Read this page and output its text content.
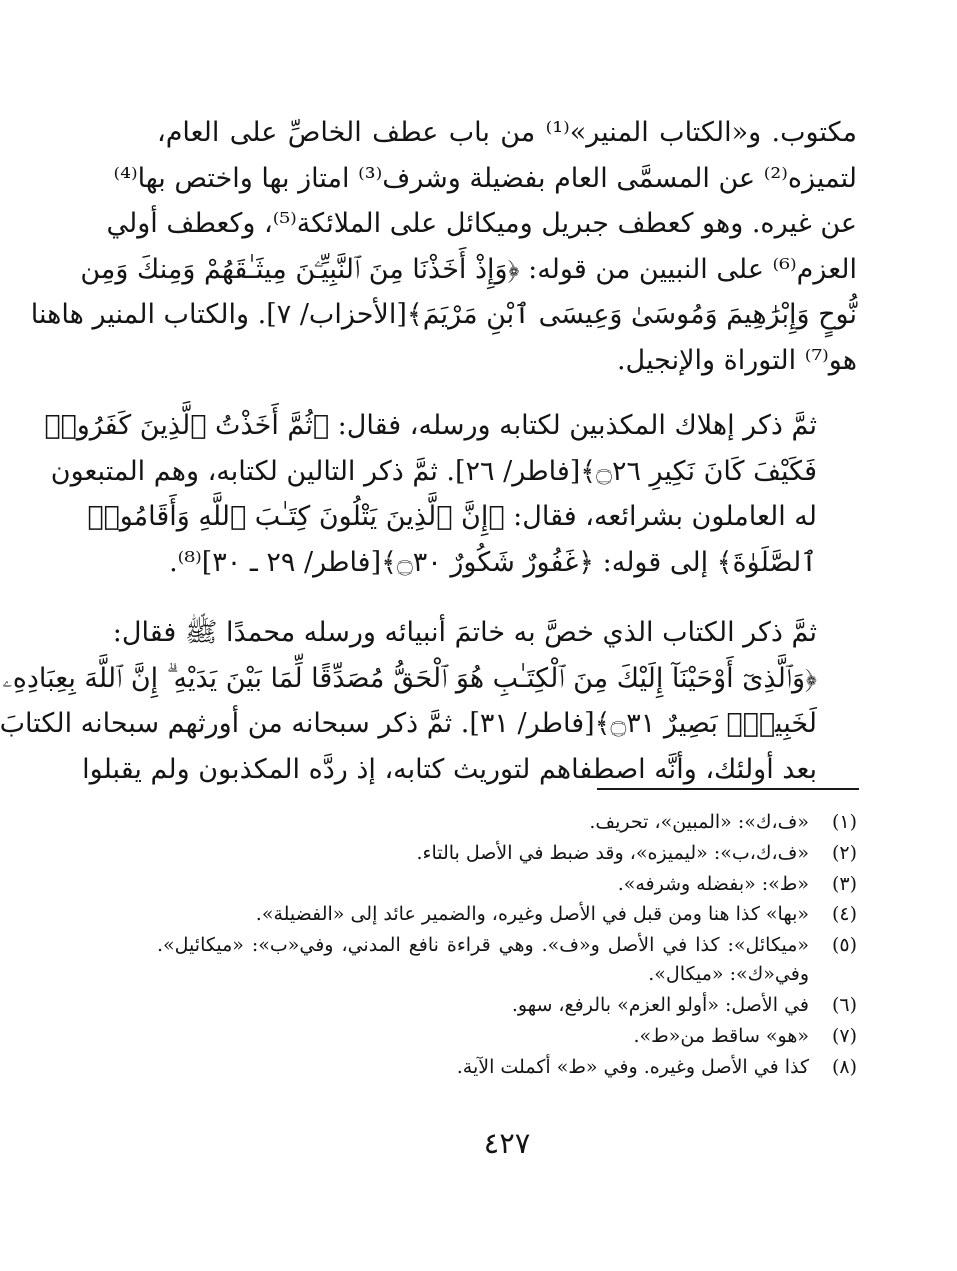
مكتوب. و«الكتاب المنير»⁽¹⁾ من باب عطف الخاصِّ على العام،
لتميزه⁽²⁾ عن المسمَّى العام بفضيلة وشرف⁽³⁾ امتاز بها واختص بها⁽⁴⁾
عن غيره. وهو كعطف جبريل وميكائل على الملائكة⁽⁵⁾، وكعطف أولي
العزم⁽⁶⁾ على النبيين من قوله: ﴿وَإِذْ أَخَذْنَا مِنَ ٱلنَّبِيِّـۧنَ مِيثَـٰقَهُمْ وَمِنكَ وَمِن
نُّوحٍ وَإِبْرَٰهِيمَ وَمُوسَىٰ وَعِيسَى ٱبْنِ مَرْيَمَ﴾[الأحزاب/ ٧]. والكتاب المنير هاهنا
هو⁽⁷⁾ التوراة والإنجيل.

ثمَّ ذكر إهلاك المكذبين لكتابه ورسله، فقال: ﴿ثُمَّ أَخَذْتُ ٱلَّذِينَ كَفَرُوا۟
فَكَيْفَ كَانَ نَكِيرِ ۝٢٦﴾[فاطر/ ٢٦]. ثمَّ ذكر التالين لكتابه، وهم المتبعون
له العاملون بشرائعه، فقال: ﴿إِنَّ ٱلَّذِينَ يَتْلُونَ كِتَـٰبَ ٱللَّهِ وَأَقَامُوا۟
ٱلصَّلَوٰةَ﴾ إلى قوله: ﴿غَفُورٌ شَكُورٌ ۝٣٠﴾[فاطر/ ٢٩ ـ ٣٠]⁽⁸⁾.

ثمَّ ذكر الكتاب الذي خصَّ به خاتمَ أنبيائه ورسله محمدًا ﷺ فقال:
﴿وَٱلَّذِىٓ أَوْحَيْنَآ إِلَيْكَ مِنَ ٱلْكِتَـٰبِ هُوَ ٱلْحَقُّ مُصَدِّقًا لِّمَا بَيْنَ يَدَيْهِ ۗ إِنَّ ٱللَّهَ بِعِبَادِهِۦ
لَخَبِيرٌۢ بَصِيرٌ ۝٣١﴾[فاطر/ ٣١]. ثمَّ ذكر سبحانه من أورثهم سبحانه الكتابَ
بعد أولئك، وأنَّه اصطفاهم لتوريث كتابه، إذ ردَّه المكذبون ولم يقبلوا

(١)
«ف،ك»: «المبين»، تحريف.
(٢)
«ف،ك،ب»: «ليميزه»، وقد ضبط في الأصل بالتاء.
(٣)
«ط»: «بفضله وشرفه».
(٤)
«بها» كذا هنا ومن قبل في الأصل وغيره، والضمير عائد إلى «الفضيلة».
(٥)
«ميكائل»: كذا في الأصل و«ف». وهي قراءة نافع المدني، وفي«ب»: «ميكائيل». وفي«ك»: «ميكال».
(٦)
في الأصل: «أولو العزم» بالرفع، سهو.
(٧)
«هو» ساقط من«ط».
(٨)
كذا في الأصل وغيره. وفي «ط» أكملت الآية.
٤٢٧
